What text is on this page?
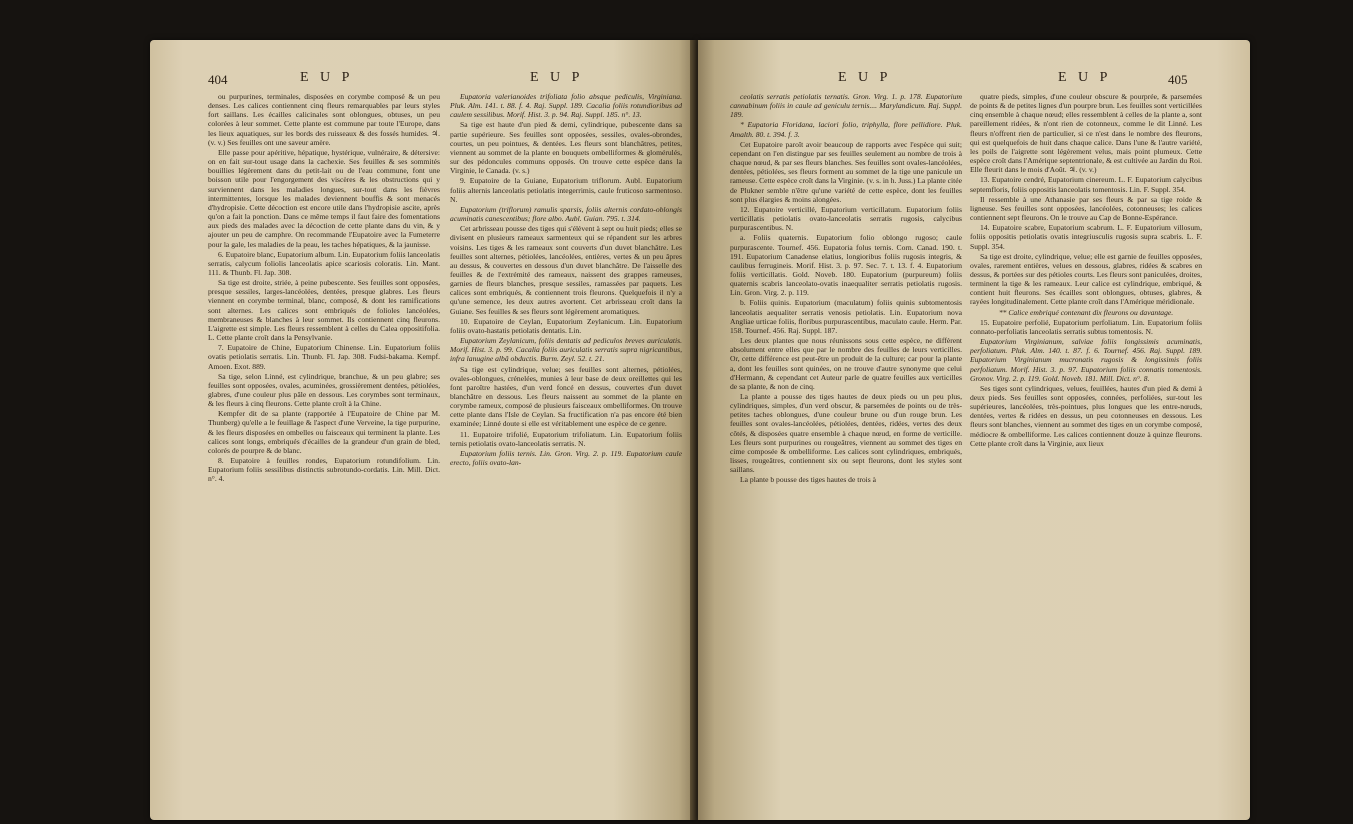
404	E U P	E U P

ou purpurines, terminales, disposées en corymbe composé & un peu denses. Les calices contiennent cinq fleurs remarquables par leurs styles fort saillans. Les écailles calicinales sont oblongues, obtuses, un peu colorées à leur sommet. Cette plante est commune par toute l'Europe, dans les lieux aquatiques, sur les bords des ruisseaux & des fossés humides. ♃. (v. v.) Ses feuilles ont une saveur amère.

Elle passe pour apéritive, hépatique, hystérique, vulnéraire, & détersive: on en fait sur-tout usage dans la cachexie. Ses feuilles & ses sommités bouillies légèrement dans du petit-lait ou de l'eau commune, font une boisson utile pour l'engorgement des viscères & les obstructions qui y surviennent dans les maladies longues, sur-tout dans les fièvres intermittentes, lorsque les malades deviennent bouffis & sont menacés d'hydropisie. Cette décoction est encore utile dans l'hydropisie ascite, après qu'on a fait la ponction. Dans ce même temps il faut faire des fomentations aux pieds des malades avec la décoction de cette plante dans du vin, & y ajouter un peu de camphre. On recommande l'Eupatoire avec la Fumeterre pour la gale, les maladies de la peau, les taches hépatiques, & la jaunisse.

6. Eupatoire blanc, Eupatorium album. Lin. Eupatorium foliis lanceolatis serratis, calycum foliolis lanceolatis apice scariosis coloratis. Lin. Mant. 111. & Thunb. Fl. Jap. 308.

Sa tige est droite, striée, à peine pubescente. Ses feuilles sont opposées, presque sessiles, larges-lancéolées, dentées, presque glabres. Les fleurs viennent en corymbe terminal, blanc, composé, & dont les ramifications sont alternes. Les calices sont embriqués de folioles lancéolées, membraneuses & blanches à leur sommet. Ils contiennent cinq fleurons. L'aigrette est simple. Les fleurs ressemblent à celles du Calea oppositifolia. L. Cette plante croît dans la Pensylvanie.

7. Eupatoire de Chine, Eupatorium Chinense. Lin. Eupatorium foliis ovatis petiolatis serratis. Lin. Thunb. Fl. Jap. 308. Fudsi-bakama. Kempf. Amoen. Exot. 889.

Sa tige, selon Linné, est cylindrique, branchue, & un peu glabre; ses feuilles sont opposées, ovales, acuminées, grossièrement dentées, pétiolées, glabres, d'une couleur plus pâle en dessous. Les corymbes sont terminaux, & les fleurs à cinq fleurons. Cette plante croît à la Chine.

Kempfer dit de sa plante (rapportée à l'Eupatoire de Chine par M. Thunberg) qu'elle a le feuillage & l'aspect d'une Verveine, la tige purpurine, & les fleurs disposées en ombelles ou faisceaux qui terminent la plante. Les calices sont longs, embriqués d'écailles de la grandeur d'un grain de bled, colorés de pourpre & de blanc.

8. Eupatoire à feuilles rondes, Eupatorium rotundifolium. Lin. Eupatorium foliis sessilibus distinctis subrotundo-cordatis. Lin. Mill. Dict. n°. 4.

Eupatoria valerianoides trifoliata folio absque pediculis, Virginiana. Pluk. Alm. 141. t. 88. f. 4. Raj. Suppl. 189. Cacalia foliis rotundioribus ad caulem sessilibus. Morif. Hist. 3. p. 94. Raj. Suppl. 185. n°. 13.

Sa tige est haute d'un pied & demi, cylindrique, pubescente dans sa partie supérieure. Ses feuilles sont opposées, sessiles, ovales-obrondes, courtes, un peu pointues, & dentées. Les fleurs sont blanchâtres, petites, viennent au sommet de la plante en bouquets ombelliformes & glomérulés, sur des pédoncules communs opposés. On trouve cette espèce dans la Virginie, le Canada. (v. s.)

9. Eupatoire de la Guiane, Eupatorium triflorum. Aubl. Eupatorium foliis alternis lanceolatis petiolatis integerrimis, caule fruticoso sarmentoso. N.

Eupatorium (triflorum) ramulis sparsis, foliis alternis cordato-oblongis acuminatis canescentibus; flore albo. Aubl. Guian. 795. t. 314.

Cet arbrisseau pousse des tiges qui s'élèvent à sept ou huit pieds; elles se divisent en plusieurs rameaux sarmenteux qui se répandent sur les arbres voisins. Les tiges & les rameaux sont couverts d'un duvet blanchâtre. Les feuilles sont alternes, pétiolées, lancéolées, entières, vertes & un peu âpres au dessus, & couvertes en dessous d'un duvet blanchâtre. De l'aisselle des feuilles & de l'extrémité des rameaux, naissent des grappes rameuses, garnies de fleurs blanches, presque sessiles, ramassées par paquets. Les calices sont embriqués, & contiennent trois fleurons. Quelquefois il n'y a qu'une semence, les deux autres avortent. Cet arbrisseau croît dans la Guiane. Ses feuilles & ses fleurs sont légèrement aromatiques.

10. Eupatoire de Ceylan, Eupatorium Zeylanicum. Lin. Eupatorium foliis ovato-hastatis petiolatis dentatis. Lin.

Eupatorium Zeylanicum, foliis dentatis ad pediculos breves auriculatis. Morif. Hist. 3. p. 99. Cacalia foliis auriculatis serratis supra nigricantibus, infra lanugine albâ obductis. Burm. Zeyl. 52. t. 21.

Sa tige est cylindrique, velue; ses feuilles sont alternes, pétiolées, ovales-oblongues, crénelées, munies à leur base de deux oreillettes qui les font paroître hastées, d'un verd foncé en dessus, couvertes d'un duvet blanchâtre en dessous. Les fleurs naissent au sommet de la plante en corymbe rameux, composé de plusieurs faisceaux ombelliformes. On trouve cette plante dans l'Isle de Ceylan. Sa fructification n'a pas encore été bien examinée; Linné doute si elle est véritablement une espèce de ce genre.

11. Eupatoire trifolié, Eupatorium trifoliatum. Lin. Eupatorium foliis ternis petiolatis ovato-lanceolatis serratis. N.

Eupatorium foliis ternis. Lin. Gron. Virg. 2. p. 119. Eupatorium caule erecto, foliis ovato-lan-

E U P	E U P	405

ceolatis serratis petiolatis ternatis. Gron. Virg. 1. p. 178. Eupatorium cannabinum foliis in caule ad geniculu ternis.... Marylandicum. Raj. Suppl. 189.

* Eupatoria Floridana, laciori folio, triphylla, flore pellidiore. Pluk. Amalth. 80. t. 394. f. 3.

Cet Eupatoire paroît avoir beaucoup de rapports avec l'espèce qui suit; cependant on l'en distingue par ses feuilles seulement au nombre de trois à chaque nœud, & par ses fleurs blanches. Ses feuilles sont ovales-lancéolées, dentées, pétiolées, ses fleurs forment au sommet de la tige une panicule un rameuse. Cette espèce croît dans la Virginie. (v. s. in h. Juss.) La plante citée de Plukner semble n'être qu'une variété de cette espèce, dont les feuilles sont plus élargies & moins alongées.

12. Eupatoire verticillé, Eupatorium verticillatum. Eupatorium foliis verticillatis petiolatis ovato-lanceolatis serratis rugosis, calycibus purpurascentibus. N.

a. Foliis quaternis. Eupatorium folio oblongo rugoso; caule purpurascente. Tournef. 456. Eupatoria folus ternis. Corn. Canad. 190. t. 191. Eupatorium Canadense elatius, longioribus foliis rugosis integris, & caulibus ferrugineis. Morif. Hist. 3. p. 97. Sec. 7. t. 13. f. 4. Eupatorium foliis verticillatis. Gold. Noveb. 180. Eupatorium (purpureum) foliis quaternis scabris lanceolato-ovatis inaequaliter serratis petiolatis rugosis. Lin. Gron. Virg. 2. p. 119.

b. Foliis quinis. Eupatorium (maculatum) foliis quinis subtomentosis lanceolatis aequaliter serratis venosis petiolatis. Lin. Eupatorium nova Angliae urticae foliis, floribus purpurascentibus, maculato caule. Herm. Par. 158. Tournef. 456. Raj. Suppl. 187.

Les deux plantes que nous réunissons sous cette espèce, ne diffèrent absolument entre elles que par le nombre des feuilles de leurs verticilles. Or, cette différence est peut-être un produit de la culture; car pour la plante a, dont les feuilles sont quinées, on ne trouve d'autre synonyme que celui d'Hermann, & cependant cet Auteur parle de quatre feuilles aux verticilles de sa plante, & non de cinq.

La plante a pousse des tiges hautes de deux pieds ou un peu plus, cylindriques, simples, d'un verd obscur, & parsemées de points ou de très-petites taches oblongues, d'une couleur brune ou d'un rouge brun. Les feuilles sont ovales-lancéolées, pétiolées, dentées, ridées, vertes des deux côtés, & disposées quatre ensemble à chaque nœud, en forme de verticille. Les fleurs sont purpurines ou rougeâtres, viennent au sommet des tiges en cime composée & ombelliforme. Les calices sont cylindriques, embriqués, lisses, rougeâtres, contiennent six ou sept fleurons, dont les styles sont saillans.

La plante b pousse des tiges hautes de trois à

quatre pieds, simples, d'une couleur obscure & pourprée, & parsemées de points & de petites lignes d'un pourpre brun. Les feuilles sont verticillées cinq ensemble à chaque nœud; elles ressemblent à celles de la plante a, sont pareillement ridées, & n'ont rien de cotonneux, comme le dit Linné. Les fleurs n'offrent rien de particulier, si ce n'est dans le nombre des fleurons, qui est quelquefois de huit dans chaque calice. Dans l'une & l'autre variété, les poils de l'aigrette sont légèrement velus, mais point plumeux. Cette espèce croît dans l'Amérique septentrionale, & est cultivée au Jardin du Roi. Elle fleurit dans le mois d'Août. ♃. (v. v.)

13. Eupatoire cendré, Eupatorium cinereum. L. F. Eupatorium calycibus septemfloris, foliis oppositis lanceolatis tomentosis. Lin. F. Suppl. 354.

Il ressemble à une Athanasie par ses fleurs & par sa tige roide & ligneuse. Ses feuilles sont opposées, lancéolées, cotonneuses; les calices contiennent sept fleurons. On le trouve au Cap de Bonne-Espérance.

14. Eupatoire scabre, Eupatorium scabrum. L. F. Eupatorium villosum, foliis oppositis petiolatis ovatis integriusculis rugosis supra scabris. L. F. Suppl. 354.

Sa tige est droite, cylindrique, velue; elle est garnie de feuilles opposées, ovales, rarement entières, velues en dessous, glabres, ridées & scabres en dessus, & portées sur des pétioles courts. Les fleurs sont paniculées, droites, terminent la tige & les rameaux. Leur calice est cylindrique, embriqué, & contient huit fleurons. Ses écailles sont oblongues, obtuses, glabres, & rayées longitudinalement. Cette plante croît dans l'Amérique méridionale.

** Calice embriqué contenant dix fleurons ou davantage.

15. Eupatoire perfolié, Eupatorium perfoliatum. Lin. Eupatorium foliis connato-perfoliatis lanceolatis serratis subtus tomentosis. N.

Eupatorium Virginianum, salviae foliis longissimis acuminatis, perfoliatum. Pluk. Alm. 140. t. 87. f. 6. Tournef. 456. Raj. Suppl. 189. Eupatorium Virginianum mucronatis rugosis & longissimis foliis perfoliatum. Morif. Hist. 3. p. 97. Eupatorium foliis connatis tomentosis. Gronov. Virg. 2. p. 119. Gold. Noveb. 181. Mill. Dict. n°. 8.

Ses tiges sont cylindriques, velues, feuillées, hautes d'un pied & demi à deux pieds. Ses feuilles sont opposées, connées, perfoliées, sur-tout les supérieures, lancéolées, très-pointues, plus longues que les entre-nœuds, dentées, vertes & ridées en dessus, un peu cotonneuses en dessous. Les fleurs sont blanches, viennent au sommet des tiges en un corymbe composé, médiocre & ombelliforme. Les calices contiennent douze à quinze fleurons. Cette plante croît dans la Virginie, aux lieux
